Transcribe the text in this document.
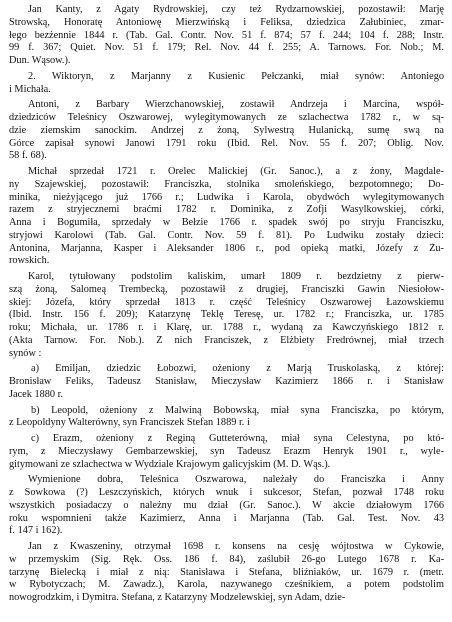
Jan Kanty, z Agaty Rydrowskiej, czy też Rydzarnowskiej, pozostawił: Marję
Strowską, Honoratę Antoniowę Mierzwińską i Feliksa, dziedzica Załubiniec, zmar-
łego bezżennie 1844 r. (Tab. Gal. Contr. Nov. 51 f. 874; 57 f. 244; 104 f. 288; Instr.
99 f. 367; Quiet. Nov. 51 f. 179; Rel. Nov. 44 f. 255; A. Tarnows. For. Nob.; M.
Dun. Wąsow.).
2. Wiktoryn, z Marjanny z Kusienic Pełczanki, miał synów: Antoniego
i Michała.
Antoni, z Barbary Wierzchanowskiej, zostawił Andrzeja i Marcina, współ-
dziedziców Teleśnicy Oszwarowej, wylegitymowanych ze szlachectwa 1782 r., w są-
dzie ziemskim sanockim. Andrzej z żoną, Sylwestrą Hulanicką, sumę swą na
Górce zapisał synowi Janowi 1791 roku (Ibid. Rel. Nov. 55 f. 207; Oblig. Nov.
58 f. 68).
Michał sprzedał 1721 r. Orelec Malickiej (Gr. Sanoc.), a z żony, Magdale-
ny Szajewskiej, pozostawił: Franciszka, stolnika smoleńskiego, bezpotomnego; Do-
minika, nieżyjącego już 1766 r.; Ludwika i Karola, obydwóch wylegitymowanych
razem z stryjecznemi braćmi 1782 r. Dominika, z Zofji Wasylkowskiej, córki,
Anna i Bogumiła, sprzedały w Bełzie 1766 r. spadek swój po stryju Franciszku,
stryjowi Karolowi (Tab. Gal. Contr. Nov. 59 f. 81). Po Ludwiku zostały dzieci:
Antonina, Marjanna, Kasper i Aleksander 1806 r., pod opieką matki, Józefy z Żu-
rowskich.
Karol, tytułowany podstolim kaliskim, umarł 1809 r. bezdzietny z pierw-
szą żoną, Salomeą Trembecką, pozostawił z drugiej, Franciszki Gawin Niesiołow-
skiej: Józefa, który sprzedał 1813 r. część Teleśnicy Oszwarowej Łazowskiemu
(Ibid. Instr. 156 f. 209); Katarzynę Teklę Teresę, ur. 1782 r.; Franciszka, ur. 1785
roku; Michała, ur. 1786 r. i Klarę, ur. 1788 r., wydaną za Kawczyńskiego 1812 r.
(Akta Tarnow. For. Nob.). Z nich Franciszek, z Elżbiety Fredrównej, miał trzech
synów :
a) Emiljan, dziedzic Łobozwi, ożeniony z Marją Truskolaską, z której:
Bronisław Feliks, Tadeusz Stanisław, Mieczysław Kazimierz 1866 r. i Stanisław
Jacek 1880 r.
b) Leopold, ożeniony z Malwiną Bobowską, miał syna Franciszka, po którym,
z Leopoldyny Walterówny, syn Franciszek Stefan 1889 r. i
c) Erazm, ożeniony z Reginą Gutteterówną, miał syna Celestyna, po któ-
rym, z Mieczysławy Gembarzewskiej, syn Tadeusz Erazm Henryk 1901 r., wyle-
gitymowani ze szlachectwa w Wydziale Krajowym galicyjskim (M. D. Wąs.).
Wymienione dobra, Teleśnica Oszwarowa, należały do Franciszka i Anny
z Sowkowa (?) Leszczyńskich, których wnuk i sukcesor, Stefan, pozwał 1748 roku
wszystkich posiadaczy o należny mu dział (Gr. Sanoc.). W akcie działowym 1766
roku wspomnieni także Kazimierz, Anna i Marjanna (Tab. Gal. Test. Nov. 43
f. 147 i 162).
Jan z Kwaszeniny, otrzymał 1698 r. konsens na cesję wójtostwa w Cykowie,
w przemyskim (Sig. Ręk. Oss. 186 f. 84), zaślubił 26-go Lutego 1678 r. Ka-
tarzynę Bielecką i miał z nią: Stanisława i Stefana, bliźniaków, ur. 1679 r. (metr.
w Rybotyczach; M. Zawadz.), Karola, nazywanego cześnikiem, a potem podstolim
nowogrodzkim, i Dymitra. Stefana, z Katarzyny Modzelewskiej, syn Adam, dzie-
